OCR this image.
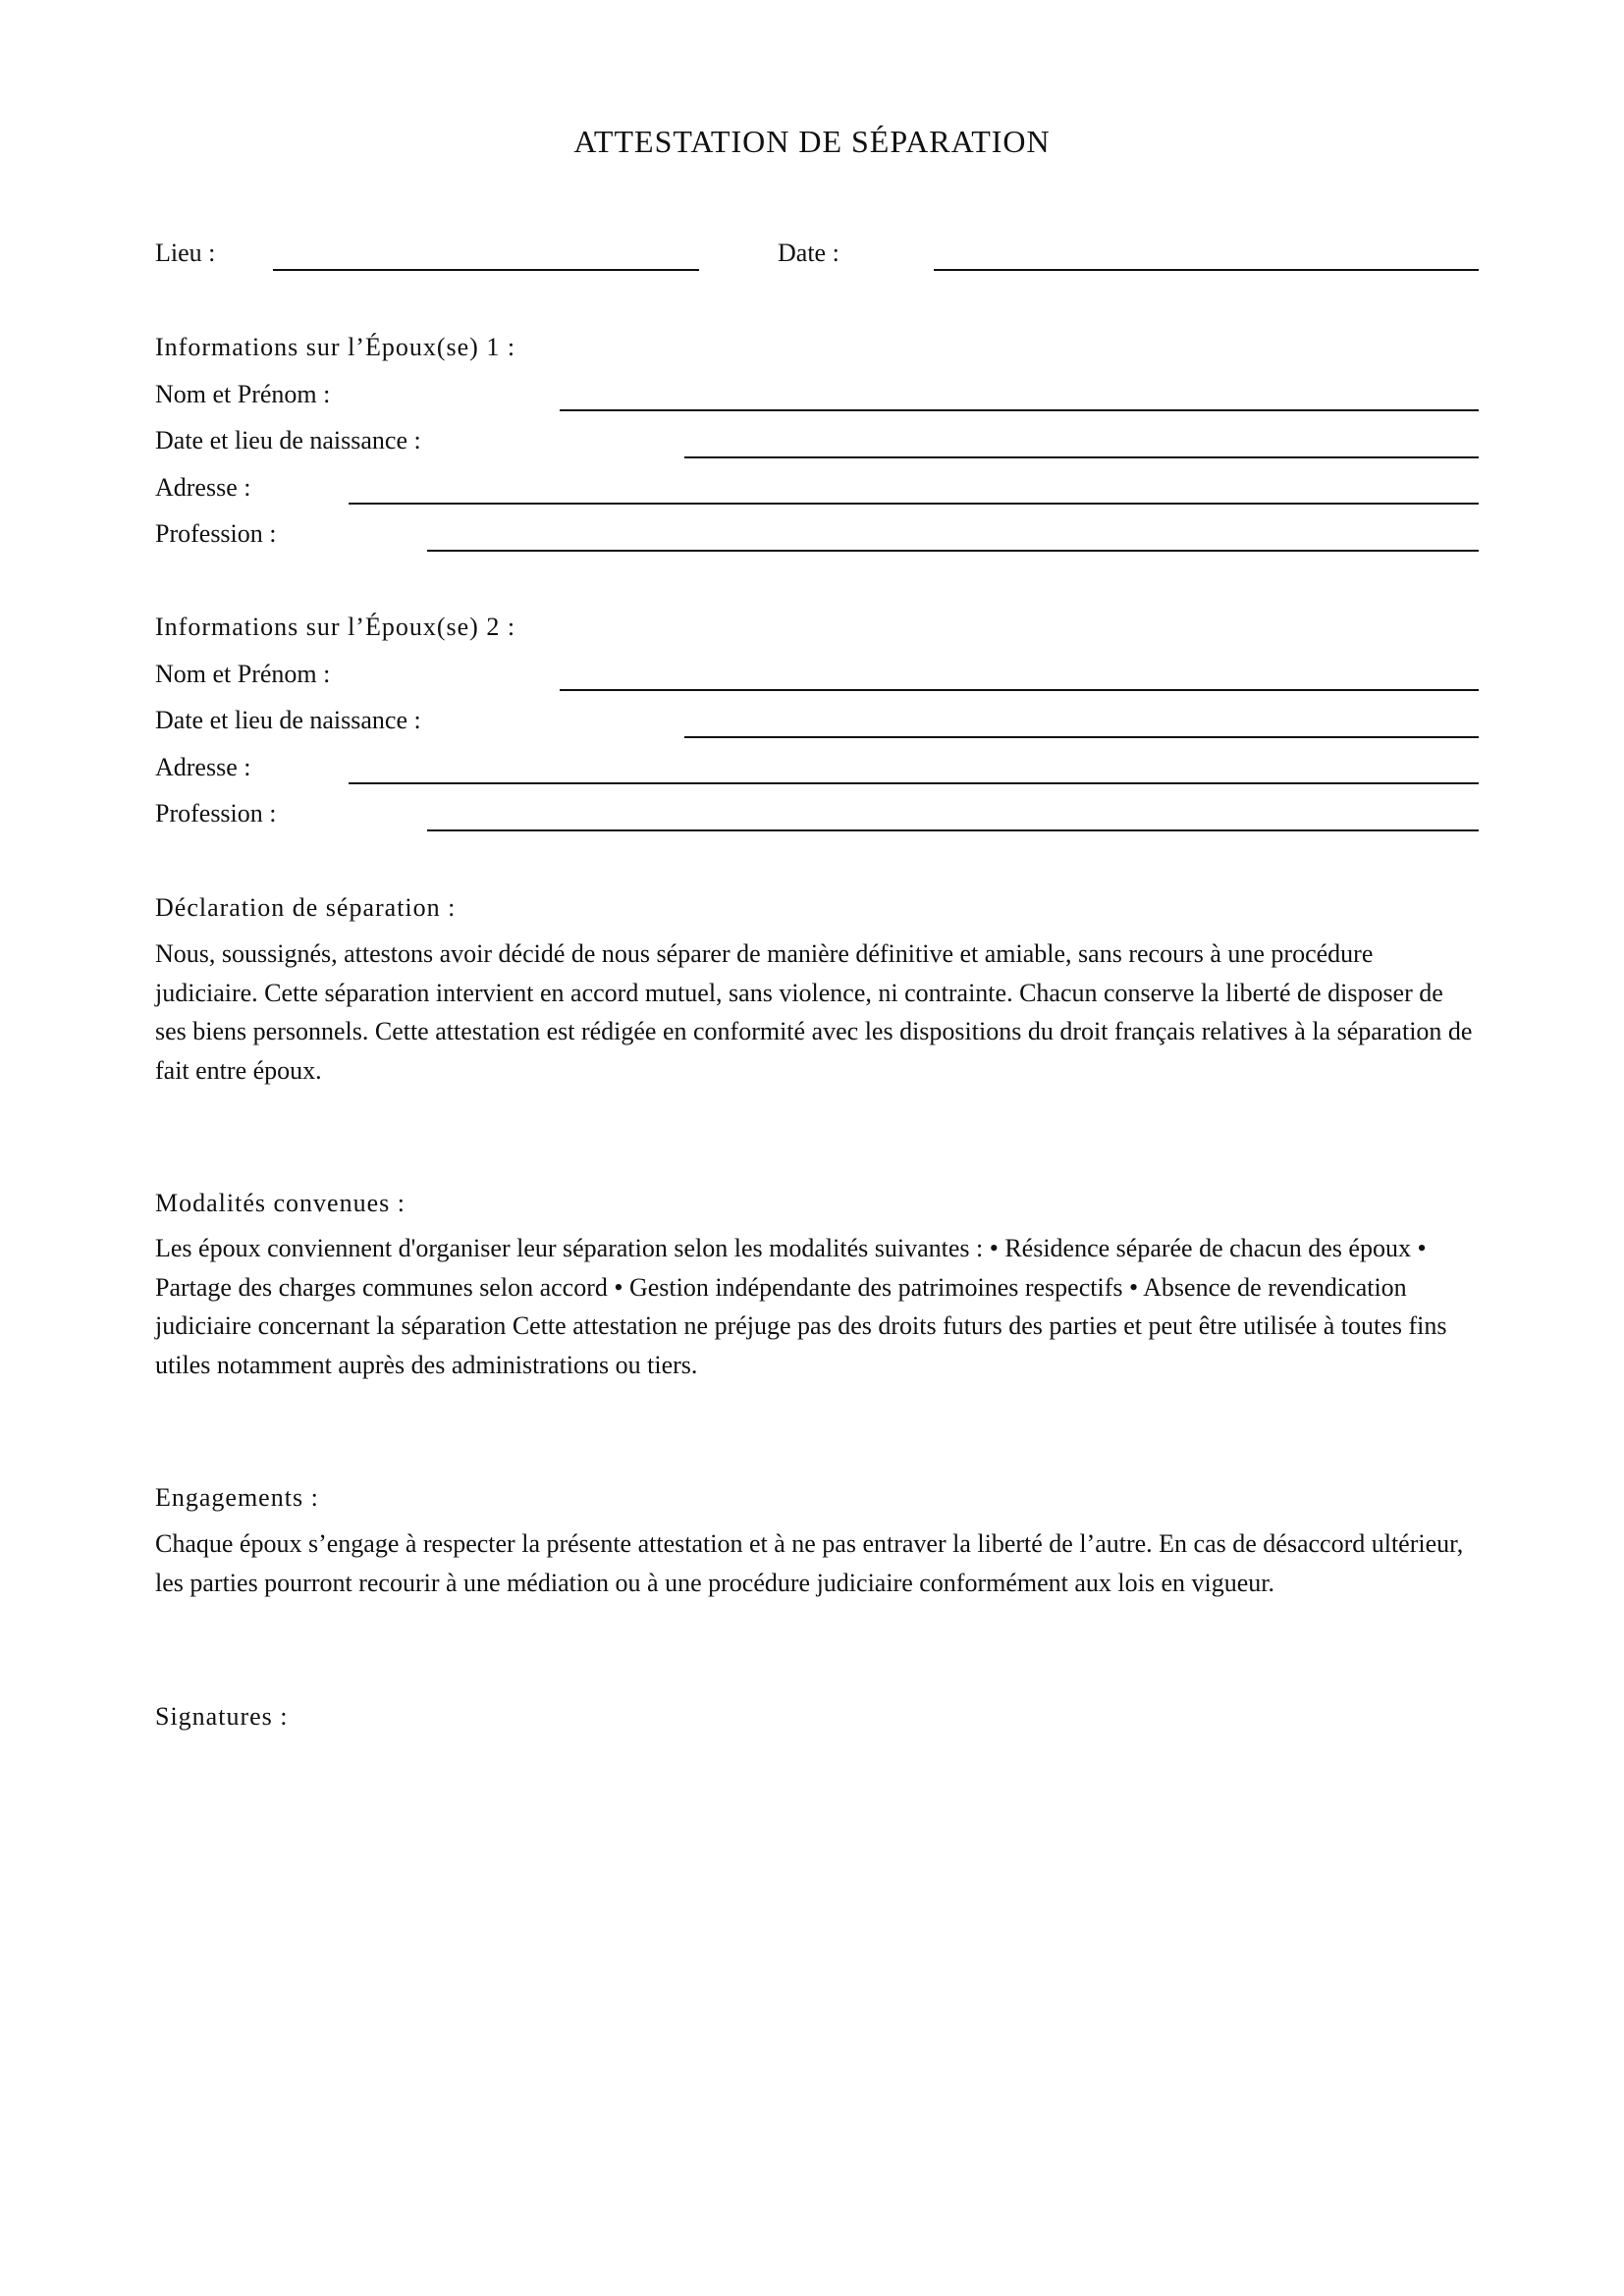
ATTESTATION DE SÉPARATION
Lieu :	Date :
Informations sur l’Époux(se) 1 :
Nom et Prénom :
Date et lieu de naissance :
Adresse :
Profession :
Informations sur l’Époux(se) 2 :
Nom et Prénom :
Date et lieu de naissance :
Adresse :
Profession :
Déclaration de séparation :
Nous, soussignés, attestons avoir décidé de nous séparer de manière définitive et amiable, sans recours à une procédure judiciaire. Cette séparation intervient en accord mutuel, sans violence, ni contrainte. Chacun conserve la liberté de disposer de ses biens personnels. Cette attestation est rédigée en conformité avec les dispositions du droit français relatives à la séparation de fait entre époux.
Modalités convenues :
Les époux conviennent d'organiser leur séparation selon les modalités suivantes : • Résidence séparée de chacun des époux • Partage des charges communes selon accord • Gestion indépendante des patrimoines respectifs • Absence de revendication judiciaire concernant la séparation Cette attestation ne préjuge pas des droits futurs des parties et peut être utilisée à toutes fins utiles notamment auprès des administrations ou tiers.
Engagements :
Chaque époux s’engage à respecter la présente attestation et à ne pas entraver la liberté de l’autre. En cas de désaccord ultérieur, les parties pourront recourir à une médiation ou à une procédure judiciaire conformément aux lois en vigueur.
Signatures :
